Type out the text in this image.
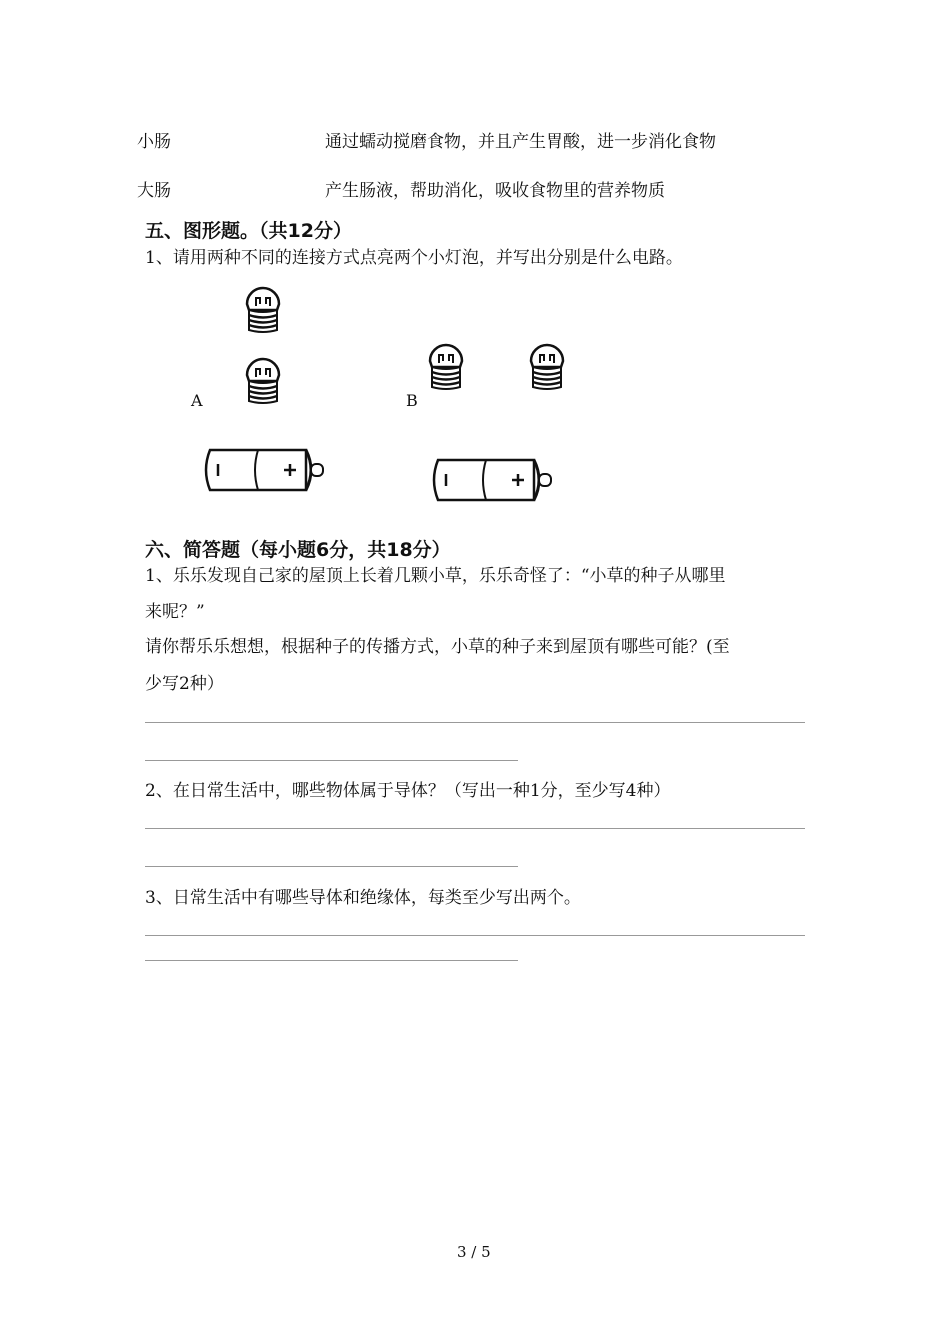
小肠	通过蠕动搅磨食物，并且产生胃酸，进一步消化食物
大肠	产生肠液，帮助消化，吸收食物里的营养物质
五、图形题。（共12分）
1、请用两种不同的连接方式点亮两个小灯泡，并写出分别是什么电路。
A	B
六、简答题（每小题6分，共18分）
1、乐乐发现自己家的屋顶上长着几颗小草，乐乐奇怪了：“小草的种子从哪里
来呢？”
请你帮乐乐想想，根据种子的传播方式，小草的种子来到屋顶有哪些可能？(至
少写2种）
2、在日常生活中，哪些物体属于导体？（写出一种1分，至少写4种）
3、日常生活中有哪些导体和绝缘体，每类至少写出两个。
3 / 5
